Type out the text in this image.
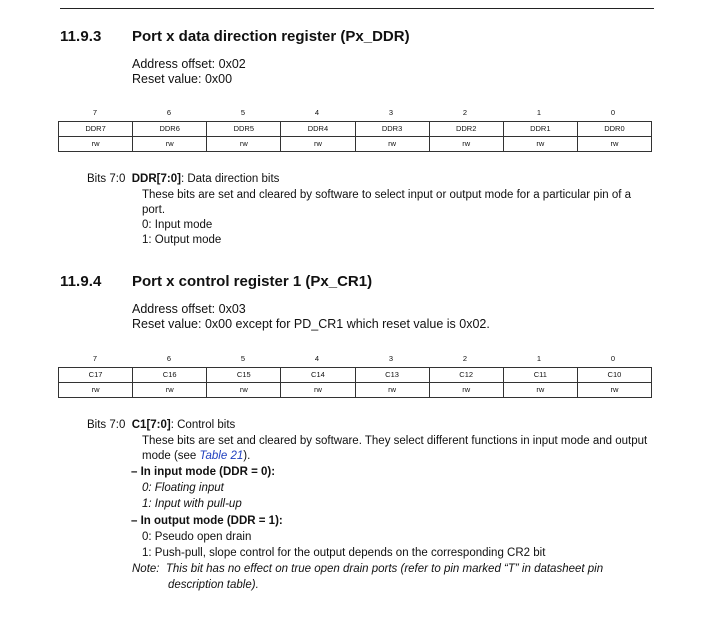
11.9.3 Port x data direction register (Px_DDR)
Address offset: 0x02
Reset value: 0x00
7	6	5	4	3	2	1	0
DDR7	DDR6	DDR5	DDR4	DDR3	DDR2	DDR1	DDR0
rw	rw	rw	rw	rw	rw	rw	rw
Bits 7:0 DDR[7:0]: Data direction bits
These bits are set and cleared by software to select input or output mode for a particular pin of a
port.
0: Input mode
1: Output mode
11.9.4 Port x control register 1 (Px_CR1)
Address offset: 0x03
Reset value: 0x00 except for PD_CR1 which reset value is 0x02.
7	6	5	4	3	2	1	0
C17	C16	C15	C14	C13	C12	C11	C10
rw	rw	rw	rw	rw	rw	rw	rw
Bits 7:0 C1[7:0]: Control bits
These bits are set and cleared by software. They select different functions in input mode and output
mode (see Table 21).
– In input mode (DDR = 0):
0: Floating input
1: Input with pull-up
– In output mode (DDR = 1):
0: Pseudo open drain
1: Push-pull, slope control for the output depends on the corresponding CR2 bit
Note: This bit has no effect on true open drain ports (refer to pin marked “T” in datasheet pin
description table).
